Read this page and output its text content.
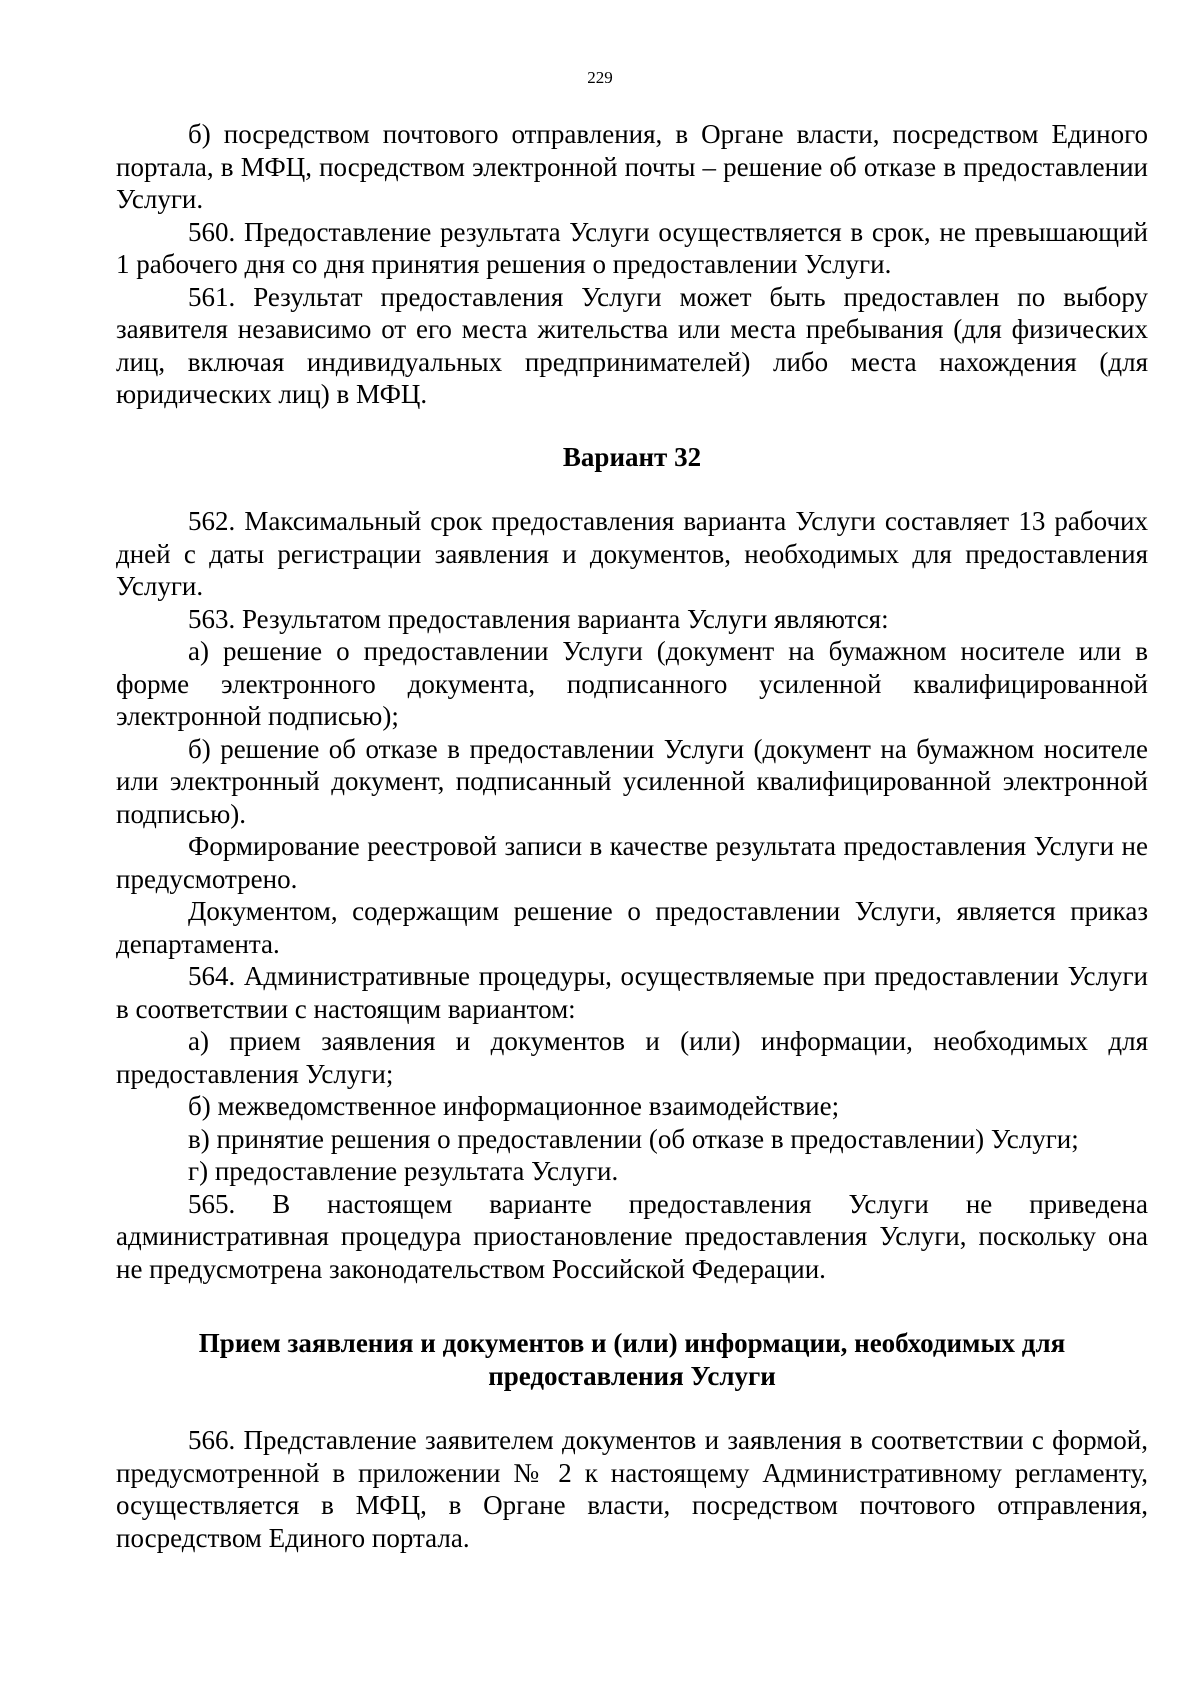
229

б) посредством почтового отправления, в Органе власти, посредством Единого портала, в МФЦ, посредством электронной почты – решение об отказе в предоставлении Услуги.

560. Предоставление результата Услуги осуществляется в срок, не превышающий 1 рабочего дня со дня принятия решения о предоставлении Услуги.

561. Результат предоставления Услуги может быть предоставлен по выбору заявителя независимо от его места жительства или места пребывания (для физических лиц, включая индивидуальных предпринимателей) либо места нахождения (для юридических лиц) в МФЦ.

Вариант 32

562. Максимальный срок предоставления варианта Услуги составляет 13 рабочих дней с даты регистрации заявления и документов, необходимых для предоставления Услуги.

563. Результатом предоставления варианта Услуги являются:

а) решение о предоставлении Услуги (документ на бумажном носителе или в форме электронного документа, подписанного усиленной квалифицированной электронной подписью);

б) решение об отказе в предоставлении Услуги (документ на бумажном носителе или электронный документ, подписанный усиленной квалифицированной электронной подписью).

Формирование реестровой записи в качестве результата предоставления Услуги не предусмотрено.

Документом, содержащим решение о предоставлении Услуги, является приказ департамента.

564. Административные процедуры, осуществляемые при предоставлении Услуги в соответствии с настоящим вариантом:

а) прием заявления и документов и (или) информации, необходимых для предоставления Услуги;

б) межведомственное информационное взаимодействие;

в) принятие решения о предоставлении (об отказе в предоставлении) Услуги;

г) предоставление результата Услуги.

565. В настоящем варианте предоставления Услуги не приведена административная процедура приостановление предоставления Услуги, поскольку она не предусмотрена законодательством Российской Федерации.

Прием заявления и документов и (или) информации, необходимых для
предоставления Услуги

566. Представление заявителем документов и заявления в соответствии с формой, предусмотренной в приложении № 2 к настоящему Административному регламенту, осуществляется в МФЦ, в Органе власти, посредством почтового отправления, посредством Единого портала.
